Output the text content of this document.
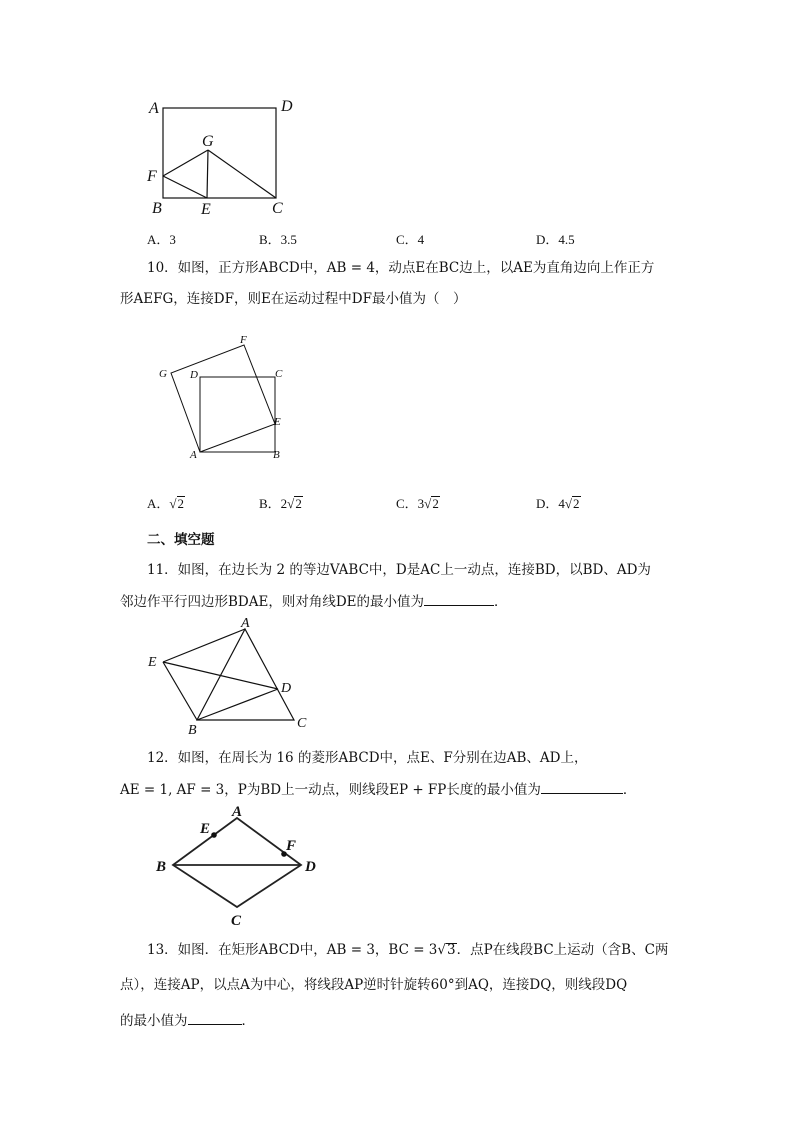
A	D
G
F
B E	C
A．3	B．3.5	C．4	D．4.5
10．如图，正方形ABCD中，AB = 4，动点E在BC边上，以AE为直角边向上作正方
形AEFG，连接DF，则E在运动过程中DF最小值为（　）
F
G D	C
E
A	B
A．√2	B．2√2	C．3√2	D．4√2
二、填空题
11．如图，在边长为 2 的等边VABC中，D是AC上一动点，连接BD，以BD、AD为
邻边作平行四边形BDAE，则对角线DE的最小值为	．
A
E
D
B	C
12．如图，在周长为 16 的菱形ABCD中，点E、F分别在边AB、AD上，
AE = 1, AF = 3，P为BD上一动点，则线段EP + FP长度的最小值为	．
A
E
F
B	D
C
13．如图．在矩形ABCD中，AB = 3，BC = 3√3．点P在线段BC上运动（含B、C两
点），连接AP，以点A为中心，将线段AP逆时针旋转60°到AQ，连接DQ，则线段DQ
的最小值为	．
